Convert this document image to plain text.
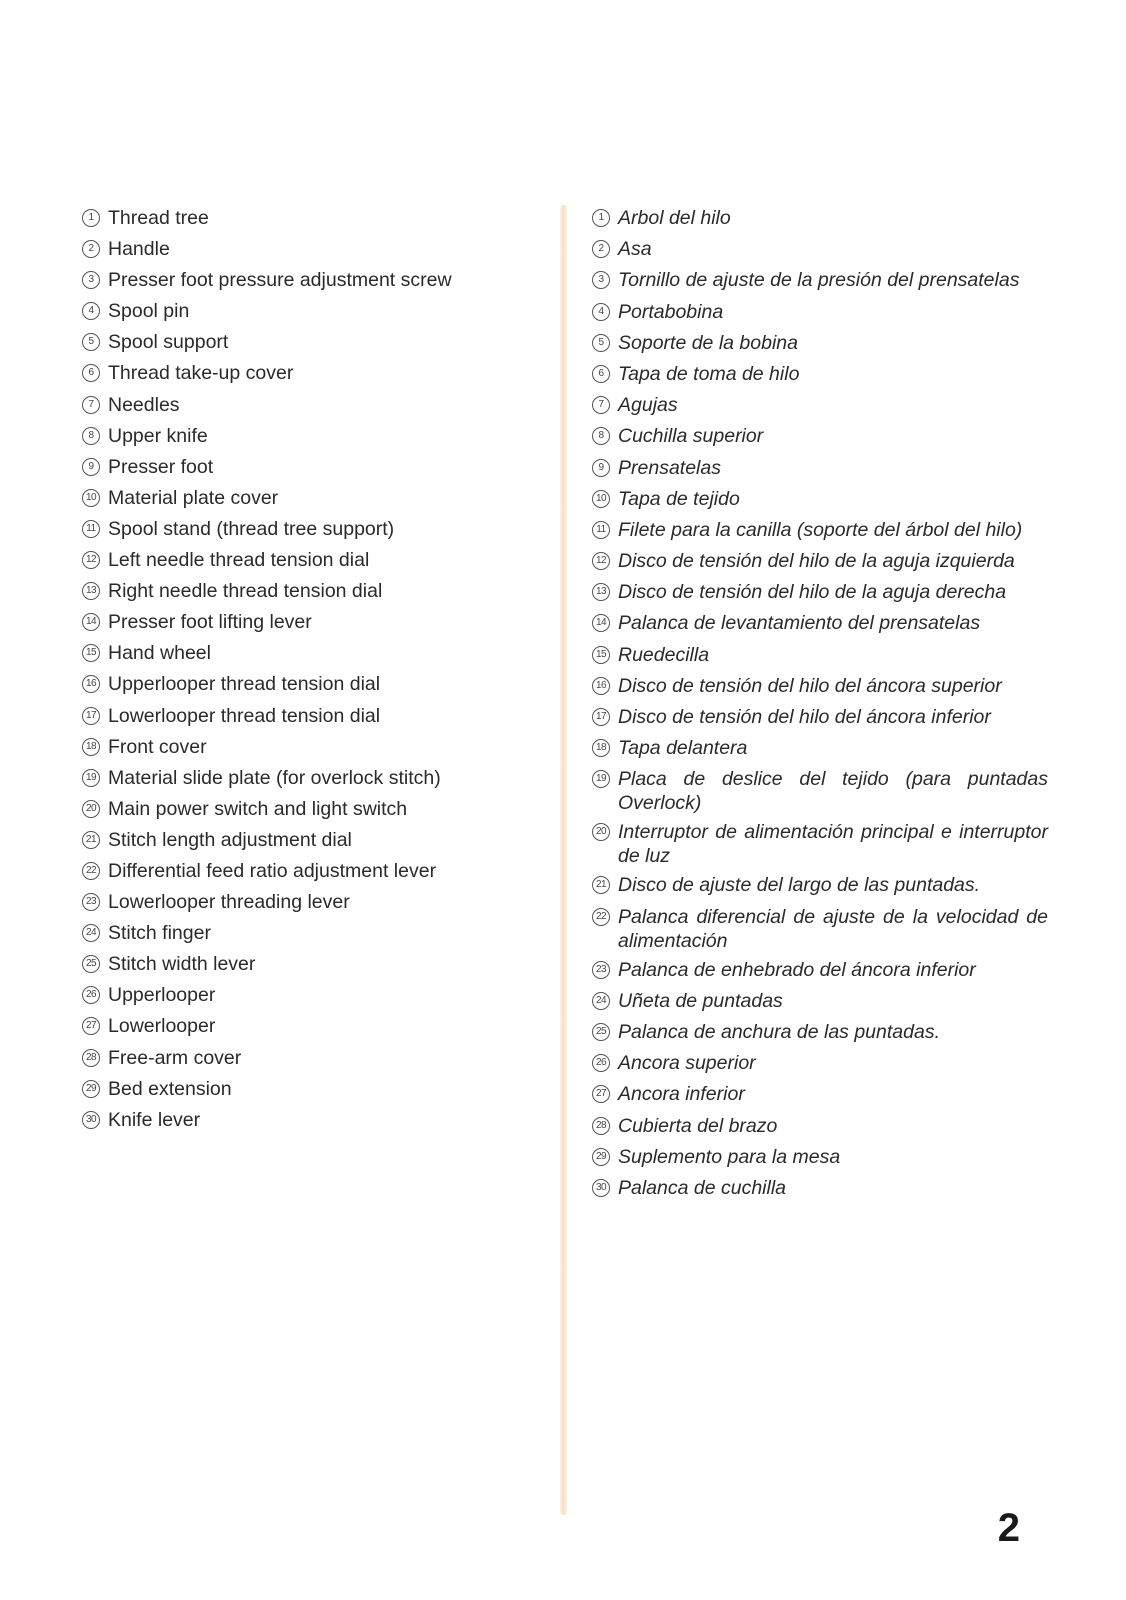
1 Thread tree
2 Handle
3 Presser foot pressure adjustment screw
4 Spool pin
5 Spool support
6 Thread take-up cover
7 Needles
8 Upper knife
9 Presser foot
10 Material plate cover
11 Spool stand (thread tree support)
12 Left needle thread tension dial
13 Right needle thread tension dial
14 Presser foot lifting lever
15 Hand wheel
16 Upperlooper thread tension dial
17 Lowerlooper thread tension dial
18 Front cover
19 Material slide plate (for overlock stitch)
20 Main power switch and light switch
21 Stitch length adjustment dial
22 Differential feed ratio adjustment lever
23 Lowerlooper threading lever
24 Stitch finger
25 Stitch width lever
26 Upperlooper
27 Lowerlooper
28 Free-arm cover
29 Bed extension
30 Knife lever
1 Arbol del hilo
2 Asa
3 Tornillo de ajuste de la presión del prensatelas
4 Portabobina
5 Soporte de la bobina
6 Tapa de toma de hilo
7 Agujas
8 Cuchilla superior
9 Prensatelas
10 Tapa de tejido
11 Filete para la canilla (soporte del árbol del hilo)
12 Disco de tensión del hilo de la aguja izquierda
13 Disco de tensión del hilo de la aguja derecha
14 Palanca de levantamiento del prensatelas
15 Ruedecilla
16 Disco de tensión del hilo del áncora superior
17 Disco de tensión del hilo del áncora inferior
18 Tapa delantera
19 Placa de deslice del tejido (para puntadas Overlock)
20 Interruptor de alimentación principal e interruptor de luz
21 Disco de ajuste del largo de las puntadas.
22 Palanca diferencial de ajuste de la velocidad de alimentación
23 Palanca de enhebrado del áncora inferior
24 Uñeta de puntadas
25 Palanca de anchura de las puntadas.
26 Ancora superior
27 Ancora inferior
28 Cubierta del brazo
29 Suplemento para la mesa
30 Palanca de cuchilla
2
